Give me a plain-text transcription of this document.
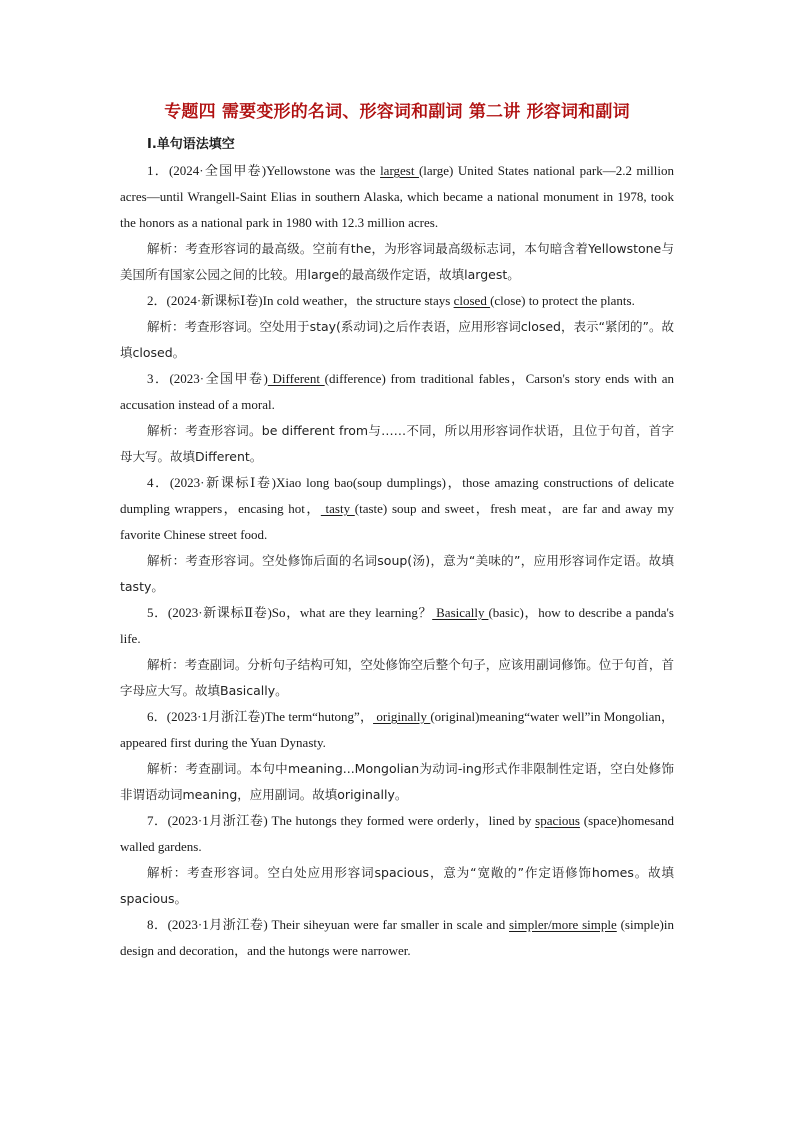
专题四 需要变形的名词、形容词和副词 第二讲 形容词和副词
Ⅰ.单句语法填空

1．(2024·全国甲卷)Yellowstone was the largest (large) United States national park—2.2 million acres—until Wrangell-Saint Elias in southern Alaska, which became a national monument in 1978, took the honors as a national park in 1980 with 12.3 million acres.

解析：考查形容词的最高级。空前有the，为形容词最高级标志词，本句暗含着Yellowstone与美国所有国家公园之间的比较。用large的最高级作定语，故填largest。

2．(2024·新课标Ⅰ卷)In cold weather，the structure stays closed (close) to protect the plants.

解析：考查形容词。空处用于stay(系动词)之后作表语，应用形容词closed，表示“紧闭的”。故填closed。

3．(2023·全国甲卷) Different (difference) from traditional fables，Carson's story ends with an accusation instead of a moral.

解析：考查形容词。be different from与……不同，所以用形容词作状语，且位于句首，首字母大写。故填Different。

4．(2023·新课标Ⅰ卷)Xiao long bao(soup dumplings)，those amazing constructions of delicate dumpling wrappers，encasing hot， tasty (taste) soup and sweet，fresh meat，are far and away my favorite Chinese street food.

解析：考查形容词。空处修饰后面的名词soup(汤)，意为“美味的”，应用形容词作定语。故填tasty。

5．(2023·新课标Ⅱ卷)So，what are they learning？ Basically (basic)，how to describe a panda's life.

解析：考查副词。分析句子结构可知，空处修饰空后整个句子，应该用副词修饰。位于句首，首字母应大写。故填Basically。

6．(2023·1月浙江卷)The term“hutong”， originally (original)meaning“water well”in Mongolian，appeared first during the Yuan Dynasty.

解析：考查副词。本句中meaning...Mongolian为动词-ing形式作非限制性定语，空白处修饰非谓语动词meaning，应用副词。故填originally。

7．(2023·1月浙江卷) The hutongs they formed were orderly，lined by spacious (space)homesand walled gardens.

解析：考查形容词。空白处应用形容词spacious，意为“宽敞的”作定语修饰homes。故填spacious。

8．(2023·1月浙江卷) Their siheyuan were far smaller in scale and simpler/more simple (simple)in design and decoration，and the hutongs were narrower.
